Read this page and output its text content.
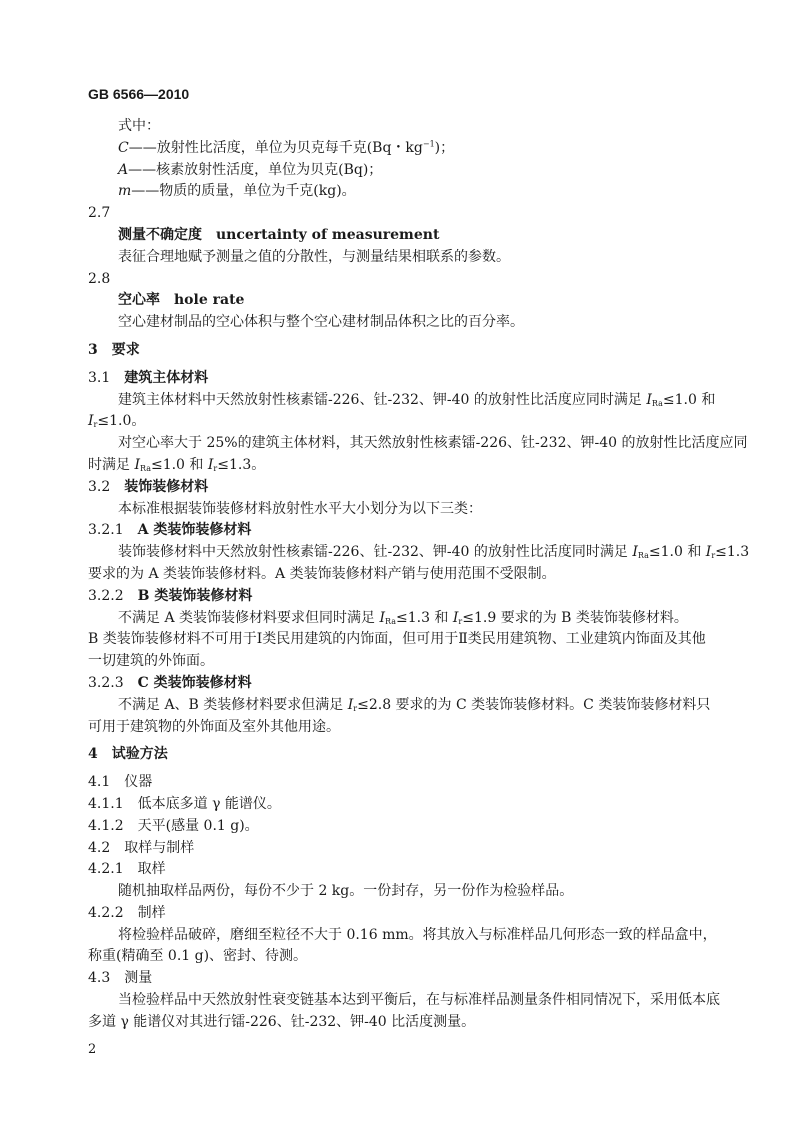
GB 6566—2010
式中：
C——放射性比活度，单位为贝克每千克(Bq・$kg^{-1}$)；
A——核素放射性活度，单位为贝克(Bq)；
m——物质的质量，单位为千克(kg)。
2.7
测量不确定度　uncertainty of measurement
表征合理地赋予测量之值的分散性，与测量结果相联系的参数。
2.8
空心率　hole rate
空心建材制品的空心体积与整个空心建材制品体积之比的百分率。
3　要求
3.1　建筑主体材料
建筑主体材料中天然放射性核素镭-226、钍-232、钾-40 的放射性比活度应同时满足 $I_{Ra}\le 1.0$ 和
$I_r\le 1.0$。
对空心率大于 25%的建筑主体材料，其天然放射性核素镭-226、钍-232、钾-40 的放射性比活度应同
时满足 $I_{Ra}\le 1.0$ 和 $I_r\le 1.3$。
3.2　装饰装修材料
本标准根据装饰装修材料放射性水平大小划分为以下三类：
3.2.1　A 类装饰装修材料
装饰装修材料中天然放射性核素镭-226、钍-232、钾-40 的放射性比活度同时满足 $I_{Ra}\le 1.0$ 和 $I_r\le 1.3$
要求的为 A 类装饰装修材料。A 类装饰装修材料产销与使用范围不受限制。
3.2.2　B 类装饰装修材料
不满足 A 类装饰装修材料要求但同时满足 $I_{Ra}\le 1.3$ 和 $I_r\le 1.9$ 要求的为 B 类装饰装修材料。
B 类装饰装修材料不可用于Ⅰ类民用建筑的内饰面，但可用于Ⅱ类民用建筑物、工业建筑内饰面及其他
一切建筑的外饰面。
3.2.3　C 类装饰装修材料
不满足 A、B 类装修材料要求但满足 $I_r\le 2.8$ 要求的为 C 类装饰装修材料。C 类装饰装修材料只
可用于建筑物的外饰面及室外其他用途。
4　试验方法
4.1　仪器
4.1.1　低本底多道 γ 能谱仪。
4.1.2　天平(感量 0.1 g)。
4.2　取样与制样
4.2.1　取样
随机抽取样品两份，每份不少于 2 kg。一份封存，另一份作为检验样品。
4.2.2　制样
将检验样品破碎，磨细至粒径不大于 0.16 mm。将其放入与标准样品几何形态一致的样品盒中，
称重(精确至 0.1 g)、密封、待测。
4.3　测量
当检验样品中天然放射性衰变链基本达到平衡后，在与标准样品测量条件相同情况下，采用低本底
多道 γ 能谱仪对其进行镭-226、钍-232、钾-40 比活度测量。
2
